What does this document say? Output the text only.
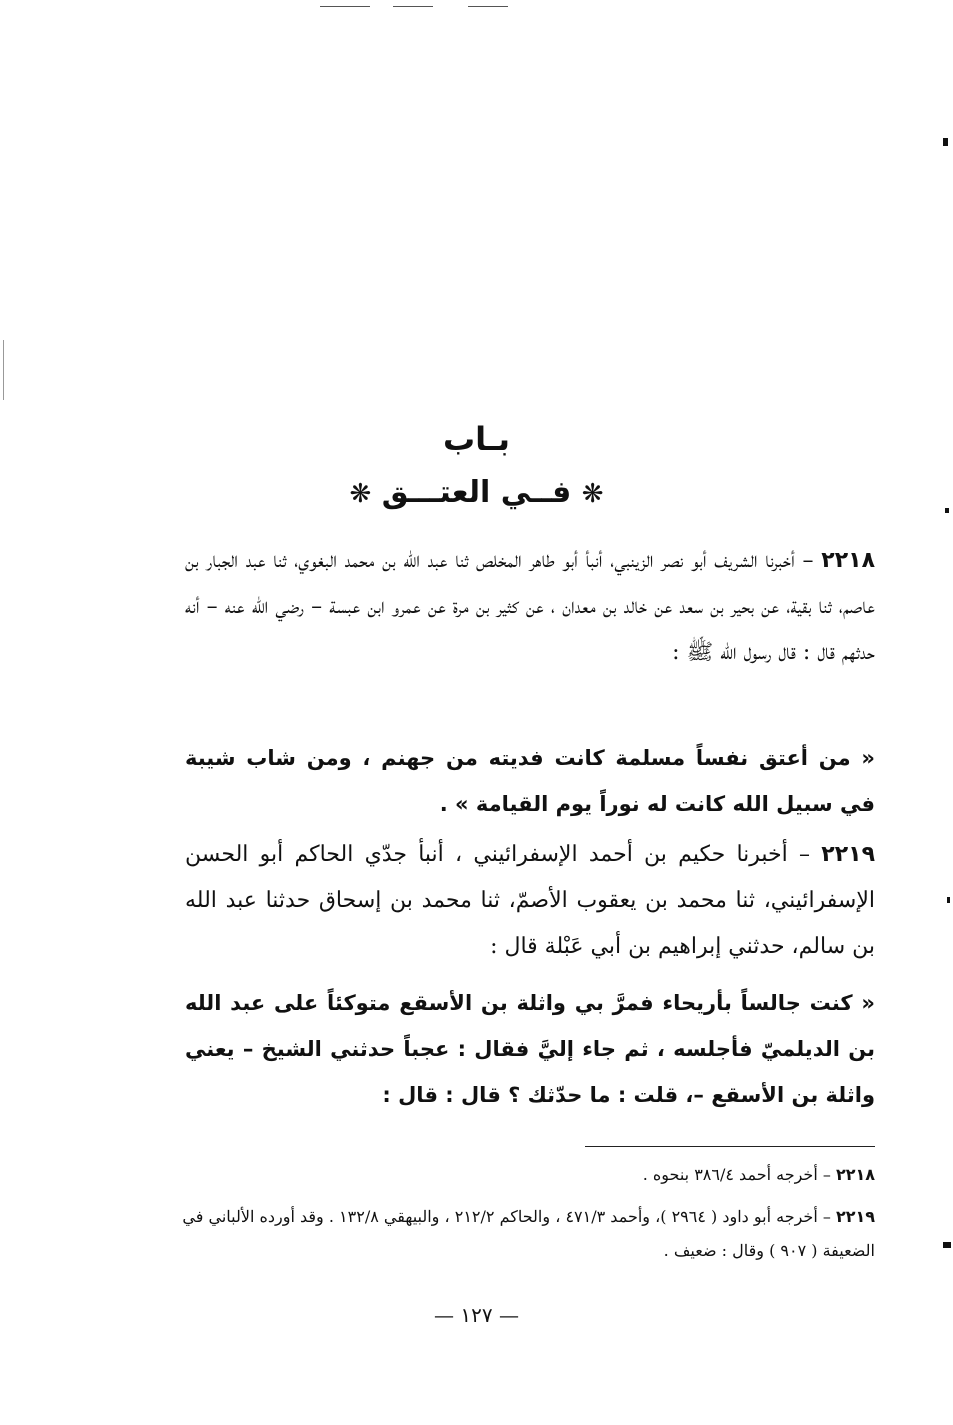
بـاب
❋ فــي العتـــق ❋
٢٢١٨ – أخبرنا الشريف أبو نصر الزينبي، أنبأ أبو طاهر المخلص ثنا عبد الله بن محمد البغوي، ثنا عبد الجبار بن عاصم، ثنا بقية، عن بحير بن سعد عن خالد بن معدان ، عن كثير بن مرة عن عمرو ابن عبسة – رضي الله عنه – أنه حدثهم قال : قال رسول الله ﷺ :
« من أعتق نفساً مسلمة كانت فديته من جهنم ، ومن شاب شيبة في سبيل الله كانت له نوراً يوم القيامة » .
٢٢١٩ – أخبرنا حكيم بن أحمد الإسفرائيني ، أنبأ جدّي الحاكم أبو الحسن الإسفرائيني، ثنا محمد بن يعقوب الأصمّ، ثنا محمد بن إسحاق حدثنا عبد الله بن سالم، حدثني إبراهيم بن أبي عَبْلة قال :
« كنت جالساً بأريحاء فمرَّ بي واثلة بن الأسقع متوكئاً على عبد الله بن الديلميّ فأجلسه ، ثم جاء إليَّ فقال : عجباً حدثني الشيخ – يعني واثلة بن الأسقع –، قلت : ما حدّثك ؟ قال : قال :
٢٢١٨ – أخرجه أحمد ٣٨٦/٤ بنحوه .
٢٢١٩ – أخرجه أبو داود ( ٢٩٦٤ )، وأحمد ٤٧١/٣ ، والحاكم ٢١٢/٢ ، والبيهقي ١٣٢/٨ . وقد أورده الألباني في الضعيفة ( ٩٠٧ ) وقال : ضعيف .
— ١٢٧ —
